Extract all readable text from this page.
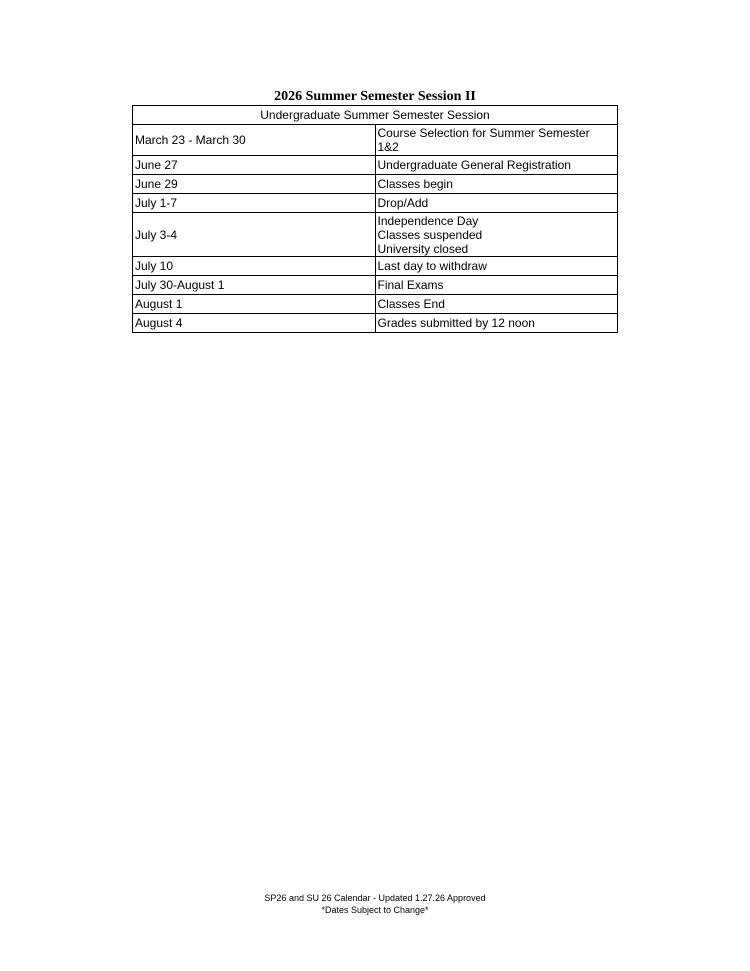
2026 Summer Semester Session II
Undergraduate Summer Semester Session	
March 23 - March 30	Course Selection for Summer Semester
1&2

June 27	Undergraduate General Registration

June 29	Classes begin

July 1-7	Drop/Add

July 3-4	Independence Day
Classes suspended
University closed

July 10	Last day to withdraw

July 30-August 1	Final Exams

August 1	Classes End

August 4	Grades submitted by 12 noon
SP26 and SU 26 Calendar - Updated 1.27.26 Approved
*Dates Subject to Change*
